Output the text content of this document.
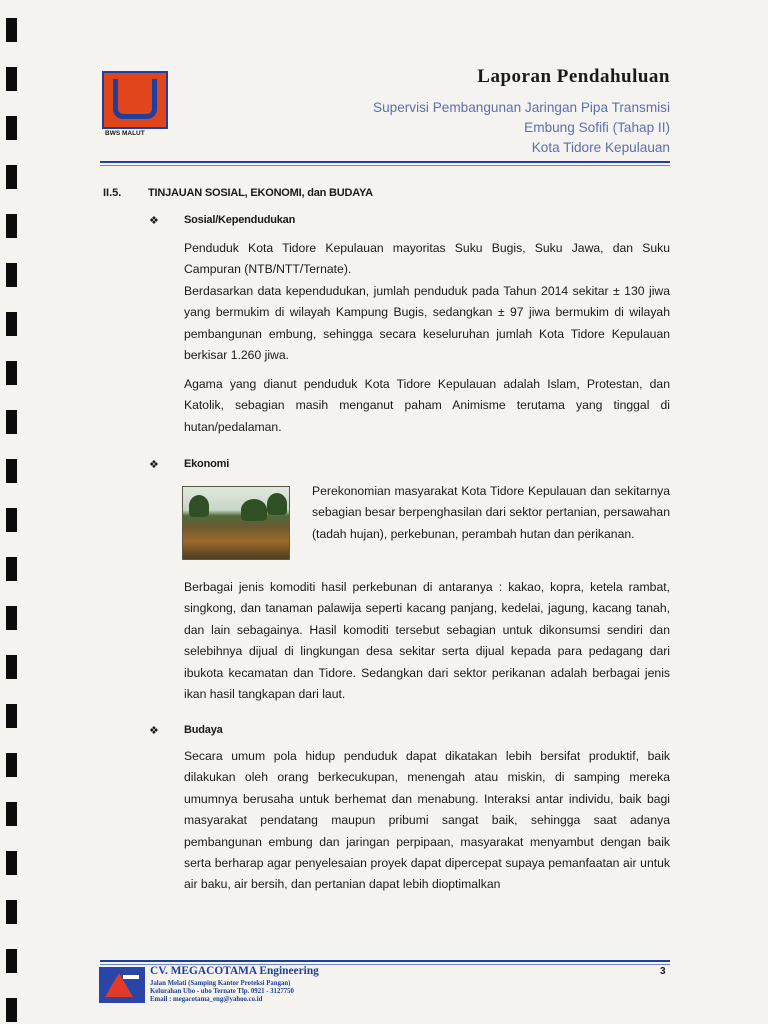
BWS MALUT
Laporan Pendahuluan
Supervisi Pembangunan Jaringan Pipa Transmisi
Embung Sofifi (Tahap II)
Kota Tidore Kepulauan
II.5. TINJAUAN SOSIAL, EKONOMI, dan BUDAYA
❖ Sosial/Kependudukan
Penduduk Kota Tidore Kepulauan mayoritas Suku Bugis, Suku Jawa, dan Suku Campuran (NTB/NTT/Ternate).
Berdasarkan data kependudukan, jumlah penduduk pada Tahun 2014 sekitar ± 130 jiwa yang bermukim di wilayah Kampung Bugis, sedangkan ± 97 jiwa bermukim di wilayah pembangunan embung, sehingga secara keseluruhan jumlah Kota Tidore Kepulauan berkisar 1.260 jiwa.
Agama yang dianut penduduk Kota Tidore Kepulauan adalah Islam, Protestan, dan Katolik, sebagian masih menganut paham Animisme terutama yang tinggal di hutan/pedalaman.
❖ Ekonomi
Perekonomian masyarakat Kota Tidore Kepulauan dan sekitarnya sebagian besar berpenghasilan dari sektor pertanian, persawahan (tadah hujan), perkebunan, perambah hutan dan perikanan.
Berbagai jenis komoditi hasil perkebunan di antaranya : kakao, kopra, ketela rambat, singkong, dan tanaman palawija seperti kacang panjang, kedelai, jagung, kacang tanah, dan lain sebagainya. Hasil komoditi tersebut sebagian untuk dikonsumsi sendiri dan selebihnya dijual di lingkungan desa sekitar serta dijual kepada para pedagang dari ibukota kecamatan dan Tidore. Sedangkan dari sektor perikanan adalah berbagai jenis ikan hasil tangkapan dari laut.
❖ Budaya
Secara umum pola hidup penduduk dapat dikatakan lebih bersifat produktif, baik dilakukan oleh orang berkecukupan, menengah atau miskin, di samping mereka umumnya berusaha untuk berhemat dan menabung. Interaksi antar individu, baik bagi masyarakat pendatang maupun pribumi sangat baik, sehingga saat adanya pembangunan embung dan jaringan perpipaan, masyarakat menyambut dengan baik serta berharap agar penyelesaian proyek dapat dipercepat supaya pemanfaatan air untuk air baku, air bersih, dan pertanian dapat lebih dioptimalkan
CV. MEGACOTAMA Engineering
Jalan Melati (Samping Kantor Proteksi Pangan)
Kelurahan Ubo - ubo Ternate Tlp. 0921 - 3127750
Email : megacotama_eng@yahoo.co.id
3
